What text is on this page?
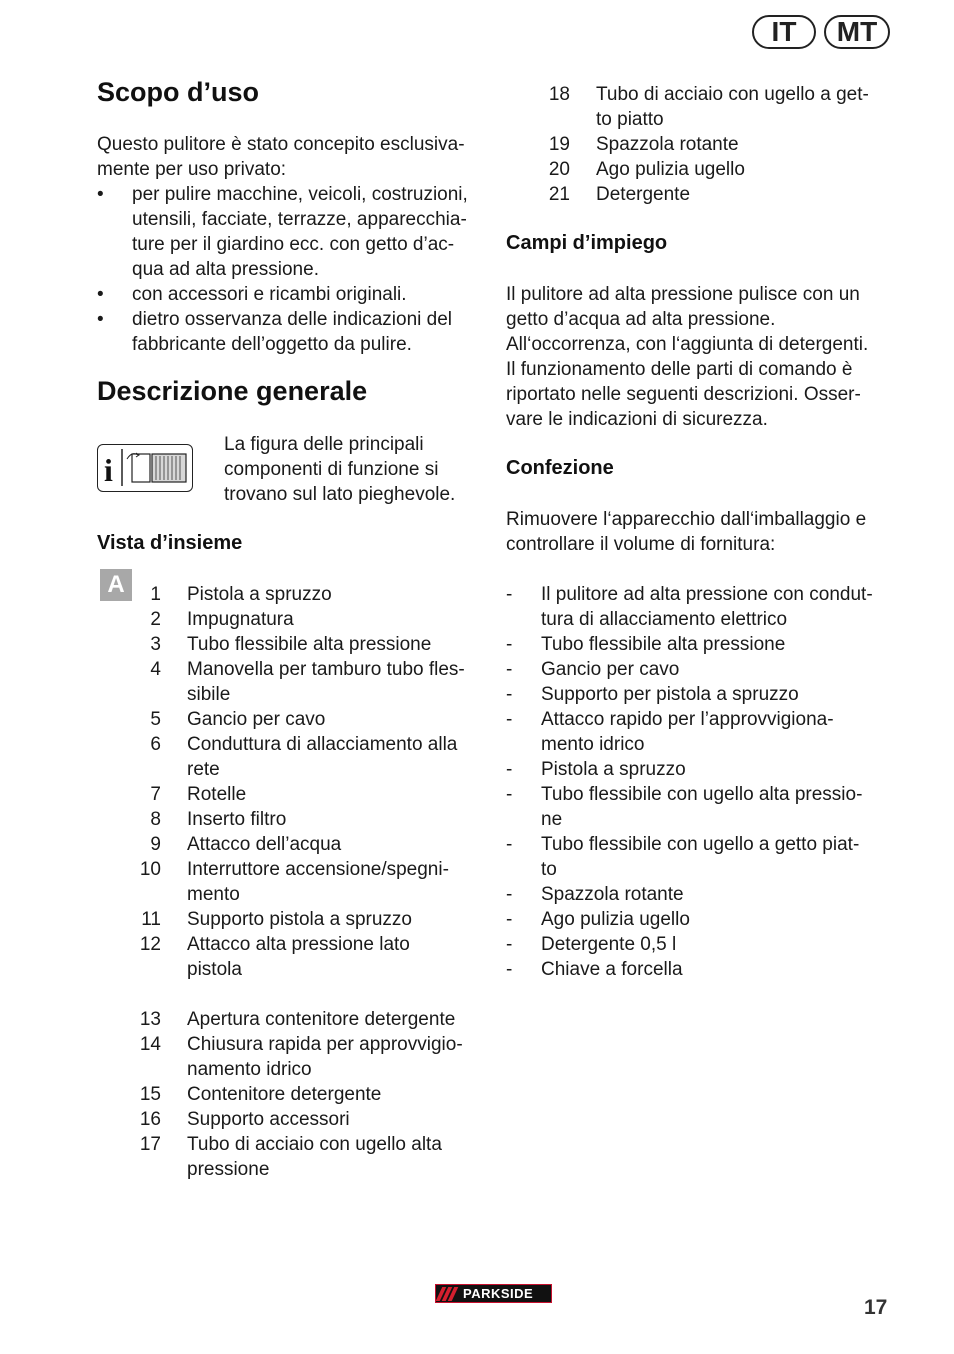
IT	MT
Scopo d’uso
Questo pulitore è stato concepito esclusiva-
mente per uso privato:
• per pulire macchine, veicoli, costruzioni,
utensili, facciate, terrazze, apparecchia-
ture per il giardino ecc. con getto d’ac-
qua ad alta pressione.
• con accessori e ricambi originali.
• dietro osservanza delle indicazioni del
fabbricante dell’oggetto da pulire.
Descrizione generale
i
La figura delle principali
componenti di funzione si
trovano sul lato pieghevole.
Vista d’insieme
A	1 Pistola a spruzzo
2 Impugnatura
3 Tubo flessibile alta pressione
4 Manovella per tamburo tubo fles-
sibile
5 Gancio per cavo
6 Conduttura di allacciamento alla
rete
7 Rotelle
8 Inserto filtro
9 Attacco dell’acqua
10 Interruttore accensione/spegni-
mento
11 Supporto pistola a spruzzo
12 Attacco alta pressione lato
pistola
13 Apertura contenitore detergente
14 Chiusura rapida per approvvigio-
namento idrico
15 Contenitore detergente
16 Supporto accessori
17 Tubo di acciaio con ugello alta
pressione
18 Tubo di acciaio con ugello a get-
to piatto
19 Spazzola rotante
20 Ago pulizia ugello
21 Detergente
Campi d’impiego
Il pulitore ad alta pressione pulisce con un
getto d’acqua ad alta pressione.
All‘occorrenza, con l‘aggiunta di detergenti.
Il funzionamento delle parti di comando è
riportato nelle seguenti descrizioni. Osser-
vare le indicazioni di sicurezza.
Confezione
Rimuovere l‘apparecchio dall‘imballaggio e
controllare il volume di fornitura:
- Il pulitore ad alta pressione con condut-
tura di allacciamento elettrico
- Tubo flessibile alta pressione
- Gancio per cavo
- Supporto per pistola a spruzzo
- Attacco rapido per l’approvvigiona-
mento idrico
- Pistola a spruzzo
- Tubo flessibile con ugello alta pressio-
ne
- Tubo flessibile con ugello a getto piat-
to
- Spazzola rotante
- Ago pulizia ugello
- Detergente 0,5 l
- Chiave a forcella
PARKSIDE
17
